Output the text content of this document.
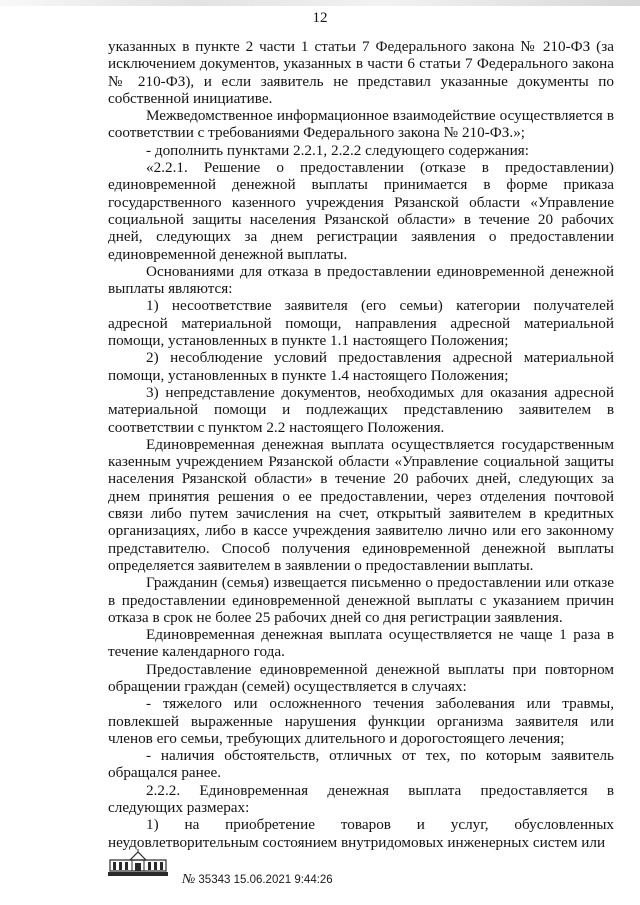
12

указанных в пункте 2 части 1 статьи 7 Федерального закона № 210-ФЗ (за исключением документов, указанных в части 6 статьи 7 Федерального закона № 210-ФЗ), и если заявитель не представил указанные документы по собственной инициативе.

Межведомственное информационное взаимодействие осуществляется в соответствии с требованиями Федерального закона № 210-ФЗ.»;

- дополнить пунктами 2.2.1, 2.2.2 следующего содержания:

«2.2.1. Решение о предоставлении (отказе в предоставлении) единовременной денежной выплаты принимается в форме приказа государственного казенного учреждения Рязанской области «Управление социальной защиты населения Рязанской области» в течение 20 рабочих дней, следующих за днем регистрации заявления о предоставлении единовременной денежной выплаты.

Основаниями для отказа в предоставлении единовременной денежной выплаты являются:

1) несоответствие заявителя (его семьи) категории получателей адресной материальной помощи, направления адресной материальной помощи, установленных в пункте 1.1 настоящего Положения;

2) несоблюдение условий предоставления адресной материальной помощи, установленных в пункте 1.4 настоящего Положения;

3) непредставление документов, необходимых для оказания адресной материальной помощи и подлежащих представлению заявителем в соответствии с пунктом 2.2 настоящего Положения.

Единовременная денежная выплата осуществляется государственным казенным учреждением Рязанской области «Управление социальной защиты населения Рязанской области» в течение 20 рабочих дней, следующих за днем принятия решения о ее предоставлении, через отделения почтовой связи либо путем зачисления на счет, открытый заявителем в кредитных организациях, либо в кассе учреждения заявителю лично или его законному представителю. Способ получения единовременной денежной выплаты определяется заявителем в заявлении о предоставлении выплаты.

Гражданин (семья) извещается письменно о предоставлении или отказе в предоставлении единовременной денежной выплаты с указанием причин отказа в срок не более 25 рабочих дней со дня регистрации заявления.

Единовременная денежная выплата осуществляется не чаще 1 раза в течение календарного года.

Предоставление единовременной денежной выплаты при повторном обращении граждан (семей) осуществляется в случаях:

- тяжелого или осложненного течения заболевания или травмы, повлекшей выраженные нарушения функции организма заявителя или членов его семьи, требующих длительного и дорогостоящего лечения;

- наличия обстоятельств, отличных от тех, по которым заявитель обращался ранее.

2.2.2. Единовременная денежная выплата предоставляется в следующих размерах:

1) на приобретение товаров и услуг, обусловленных неудовлетворительным состоянием внутридомовых инженерных систем или

№ 35343 15.06.2021 9:44:26
